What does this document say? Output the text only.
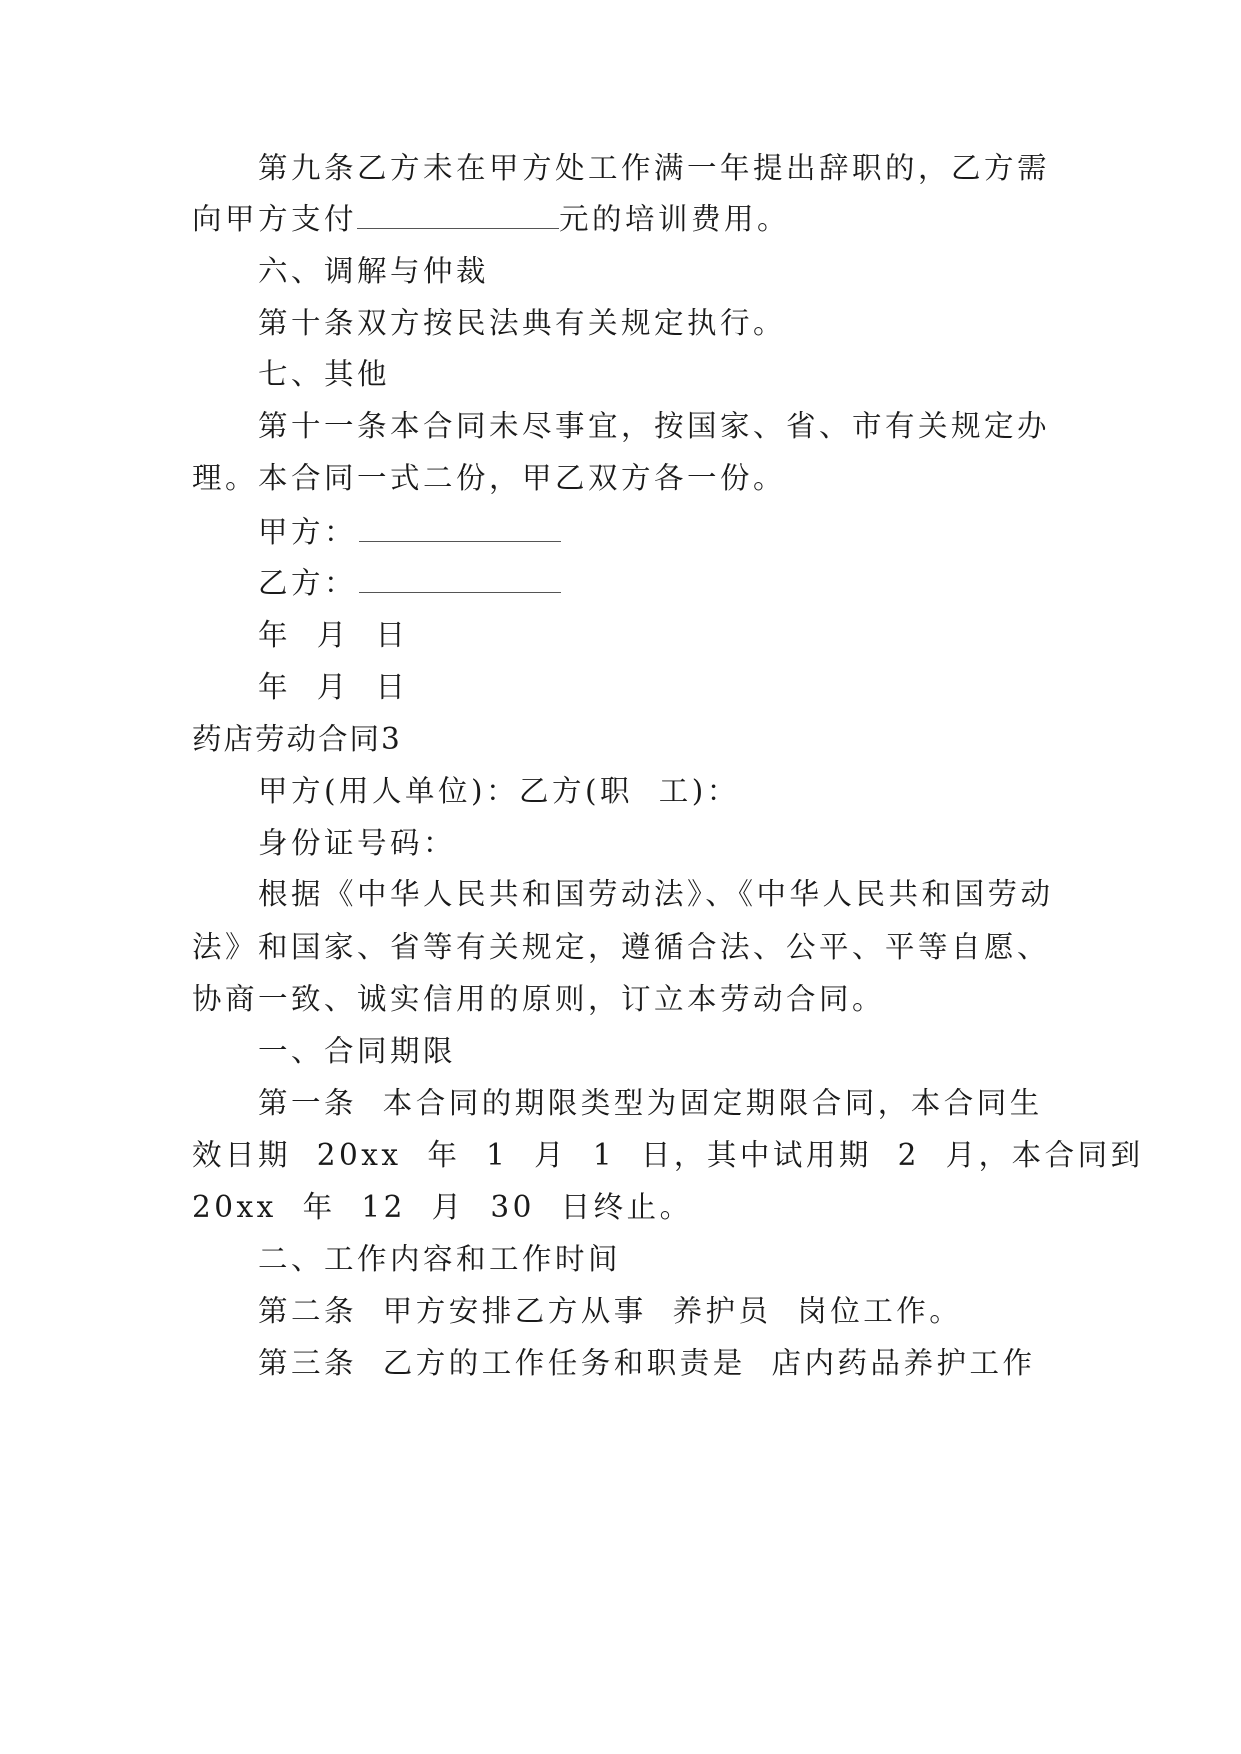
第九条乙方未在甲方处工作满一年提出辞职的，乙方需
向甲方支付	元的培训费用。
六、调解与仲裁
第十条双方按民法典有关规定执行。
七、其他
第十一条本合同未尽事宜，按国家、省、市有关规定办
理。本合同一式二份，甲乙双方各一份。
甲方：
乙方：
年  月  日
年  月  日
药店劳动合同3
甲方(用人单位)：乙方(职  工)：
身份证号码：
根据《中华人民共和国劳动法》、《中华人民共和国劳动
法》和国家、省等有关规定，遵循合法、公平、平等自愿、
协商一致、诚实信用的原则，订立本劳动合同。
一、合同期限
第一条  本合同的期限类型为固定期限合同，本合同生
效日期  20xx  年  1  月  1  日，其中试用期  2  月，本合同到
20xx  年  12  月  30  日终止。
二、工作内容和工作时间
第二条  甲方安排乙方从事  养护员  岗位工作。
第三条  乙方的工作任务和职责是  店内药品养护工作
